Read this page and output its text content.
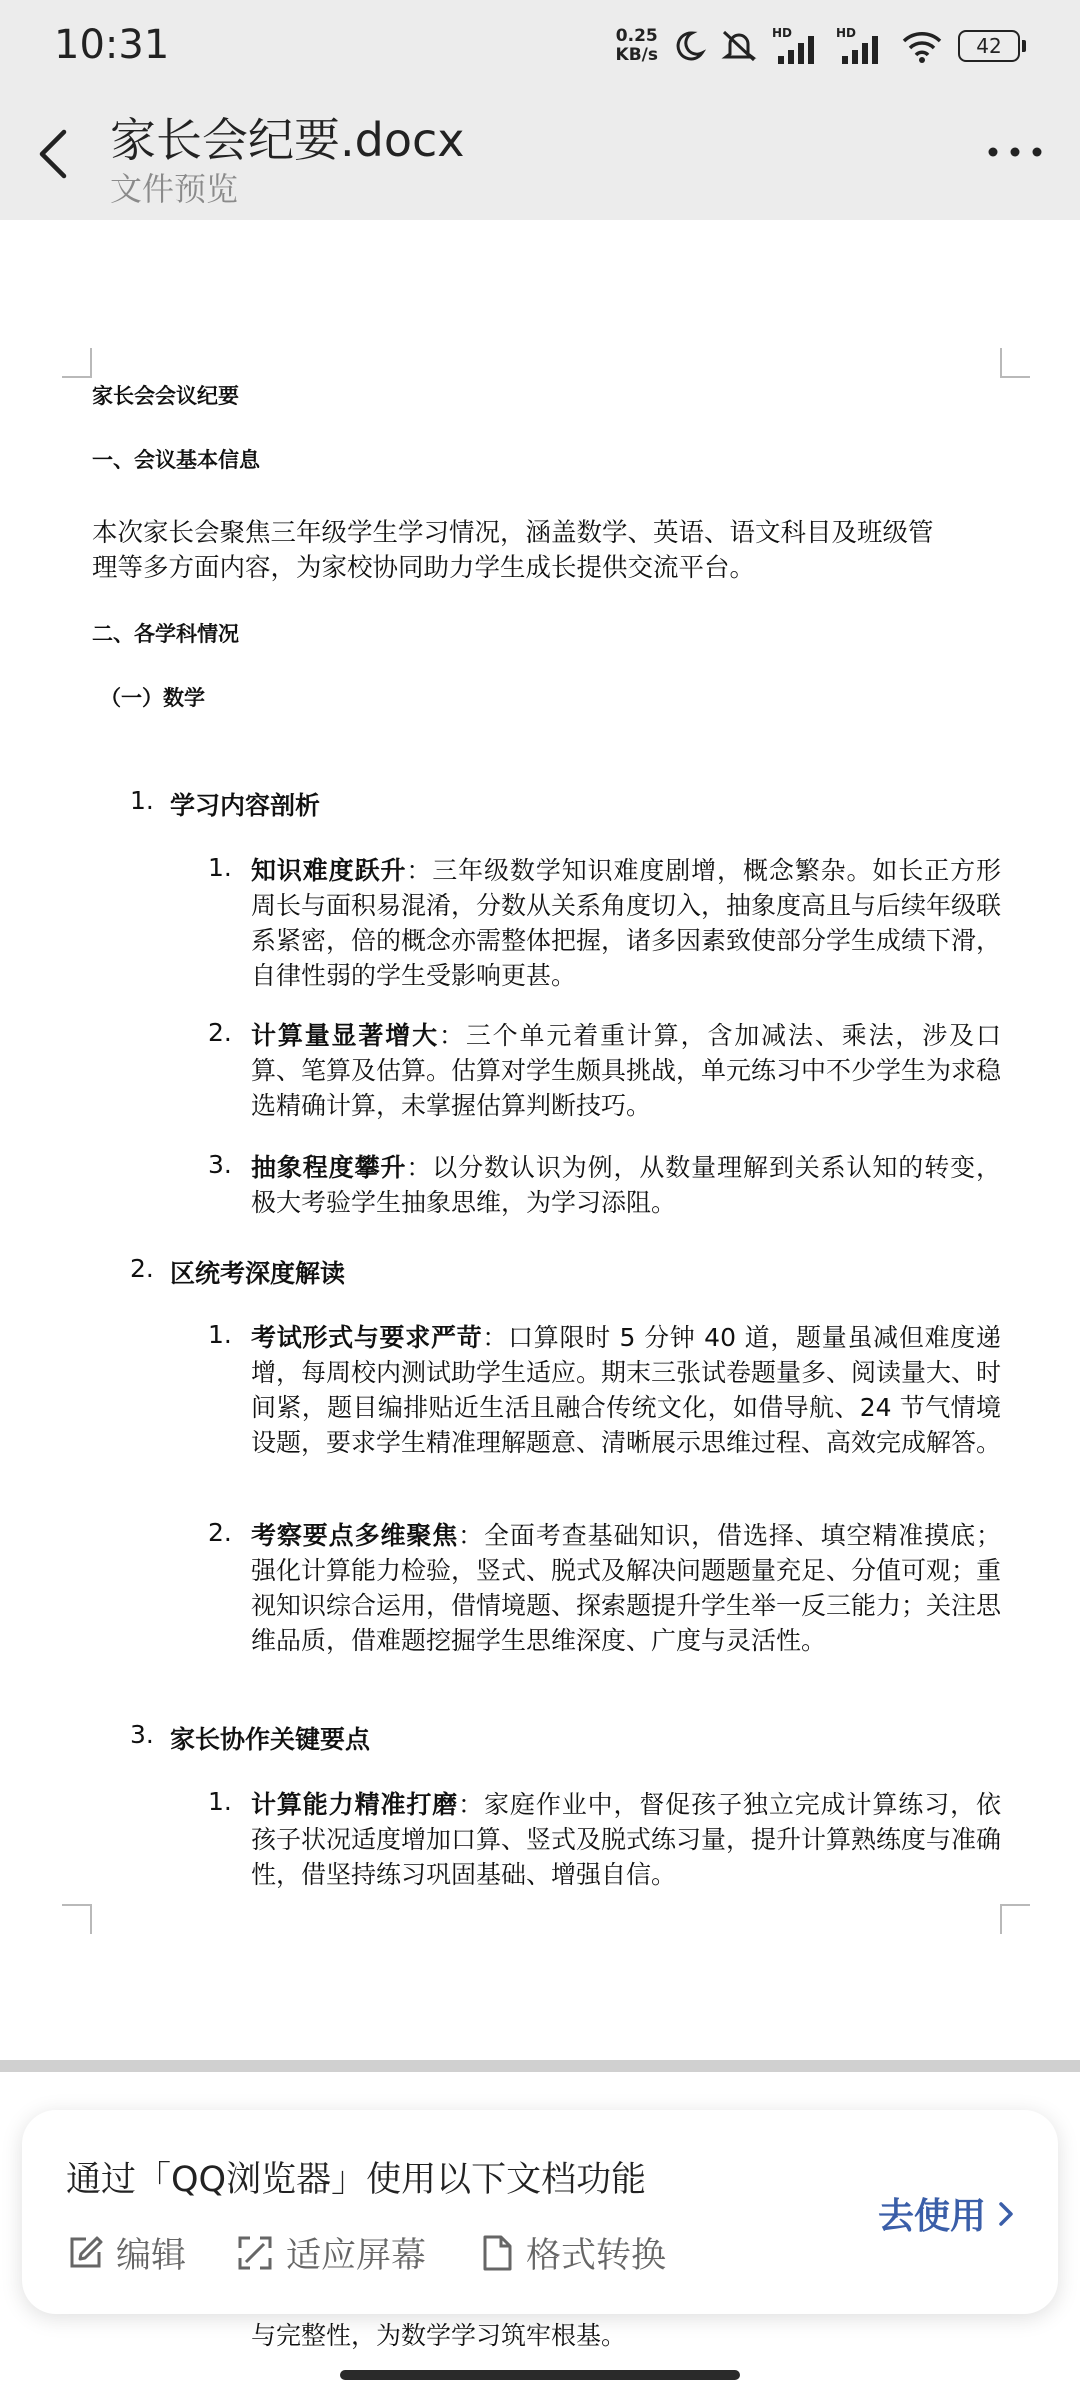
10:31	0.25
KB/s
HD	HD
42
家长会纪要.docx
文件预览
家长会会议纪要
一、会议基本信息
本次家长会聚焦三年级学生学习情况，涵盖数学、英语、语文科目及班级管
理等多方面内容，为家校协同助力学生成长提供交流平台。
二、各学科情况
（一）数学
1. 学习内容剖析
1. 知识难度跃升：三年级数学知识难度剧增，概念繁杂。如长正方形周长与面积易混淆，分数从关系角度切入，抽象度高且与后续年级联系紧密，倍的概念亦需整体把握，诸多因素致使部分学生成绩下滑，自律性弱的学生受影响更甚。
2. 计算量显著增大：三个单元着重计算，含加减法、乘法，涉及口算、笔算及估算。估算对学生颇具挑战，单元练习中不少学生为求稳选精确计算，未掌握估算判断技巧。
3. 抽象程度攀升：以分数认识为例，从数量理解到关系认知的转变，极大考验学生抽象思维，为学习添阻。
2. 区统考深度解读
1. 考试形式与要求严苛：口算限时 5 分钟 40 道，题量虽减但难度递增，每周校内测试助学生适应。期末三张试卷题量多、阅读量大、时间紧，题目编排贴近生活且融合传统文化，如借导航、24 节气情境设题，要求学生精准理解题意、清晰展示思维过程、高效完成解答。
2. 考察要点多维聚焦：全面考查基础知识，借选择、填空精准摸底；强化计算能力检验，竖式、脱式及解决问题题量充足、分值可观；重视知识综合运用，借情境题、探索题提升学生举一反三能力；关注思维品质，借难题挖掘学生思维深度、广度与灵活性。
3. 家长协作关键要点
1. 计算能力精准打磨：家庭作业中，督促孩子独立完成计算练习，依孩子状况适度增加口算、竖式及脱式练习量，提升计算熟练度与准确性，借坚持练习巩固基础、增强自信。
与完整性，为数学学习筑牢根基。
通过「QQ浏览器」使用以下文档功能
编辑	适应屏幕	格式转换
去使用
